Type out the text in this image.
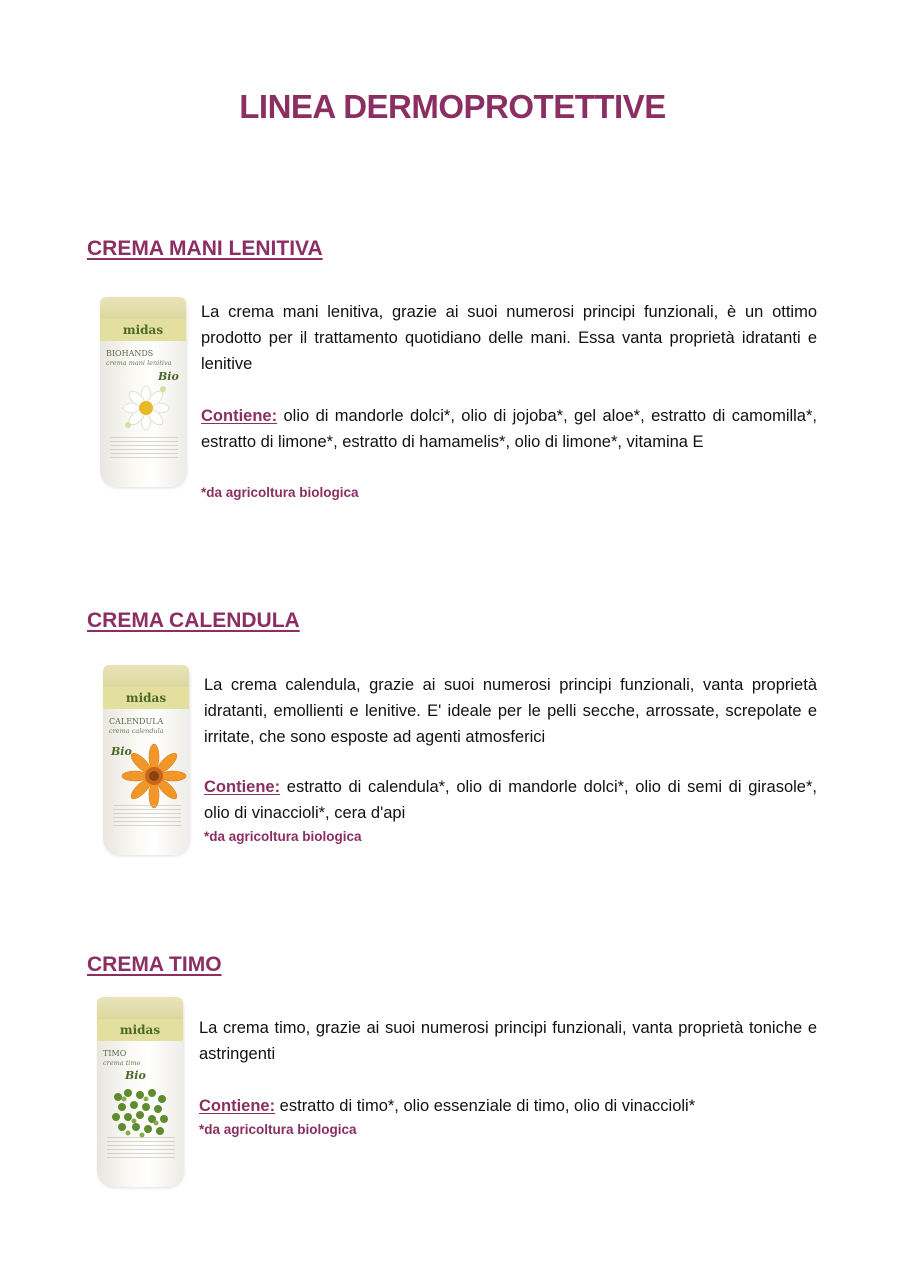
LINEA DERMOPROTETTIVE
CREMA MANI LENITIVA
midas
BIOHANDS
crema mani lenitiva
Bio

La crema mani lenitiva, grazie ai suoi numerosi principi funzionali, è un ottimo prodotto per il trattamento quotidiano delle mani. Essa vanta proprietà idratanti e lenitive

Contiene: olio di mandorle dolci*, olio di jojoba*, gel aloe*, estratto di camomilla*, estratto di limone*, estratto di hamamelis*, olio di limone*, vitamina E

*da agricoltura biologica

CREMA CALENDULA
midas
CALENDULA
crema calendula
Bio

La crema calendula, grazie ai suoi numerosi principi funzionali, vanta proprietà idratanti, emollienti e lenitive. E' ideale per le pelli secche, arrossate, screpolate e irritate, che sono esposte ad agenti atmosferici

Contiene: estratto di calendula*, olio di mandorle dolci*, olio di semi di girasole*, olio di vinaccioli*, cera d'api

*da agricoltura biologica

CREMA TIMO
midas
TIMO
crema timo
Bio

La crema timo, grazie ai suoi numerosi principi funzionali, vanta proprietà toniche e astringenti

Contiene: estratto di timo*, olio essenziale di timo, olio di vinaccioli*

*da agricoltura biologica
